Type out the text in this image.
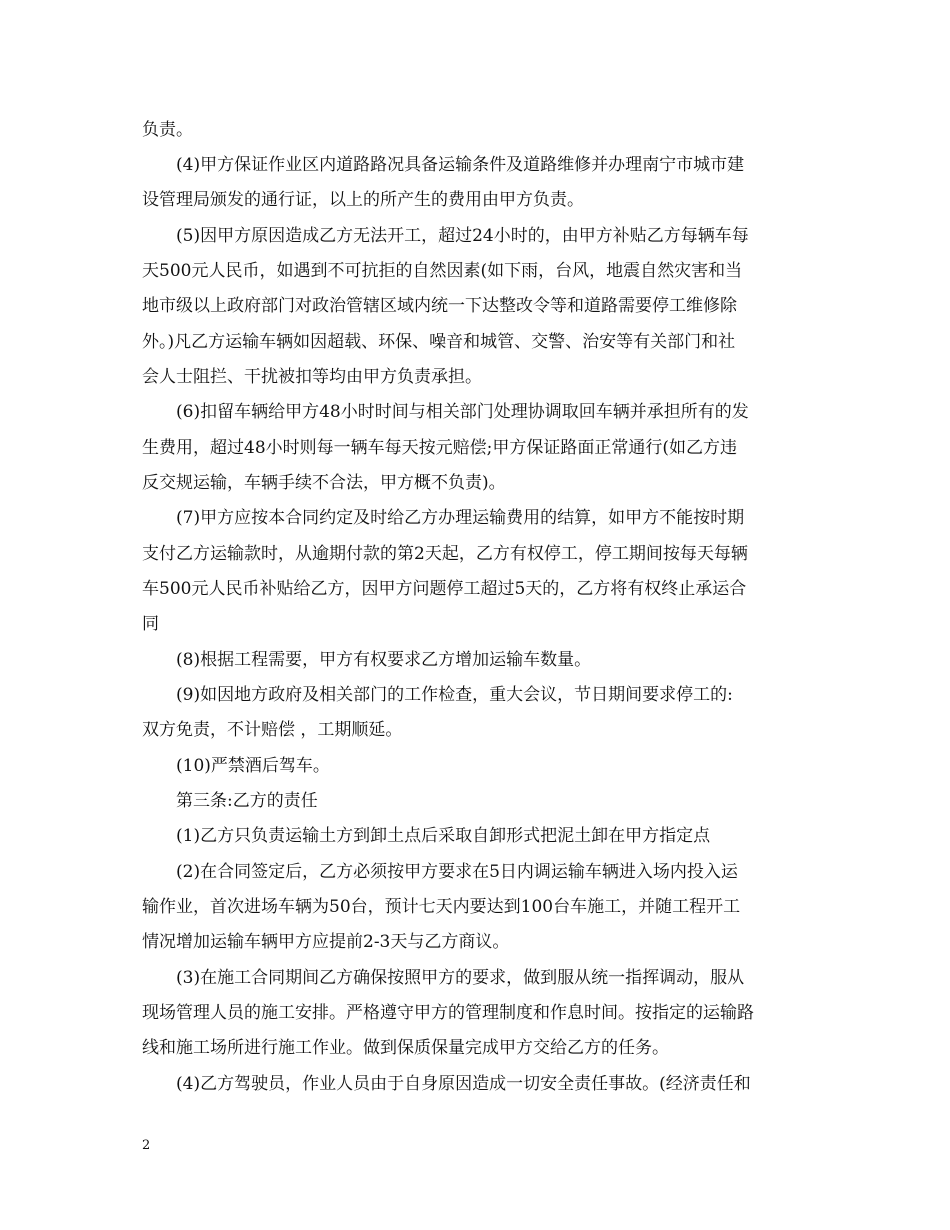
负责。
(4)甲方保证作业区内道路路况具备运输条件及道路维修并办理南宁市城市建
设管理局颁发的通行证，以上的所产生的费用由甲方负责。
(5)因甲方原因造成乙方无法开工，超过24小时的，由甲方补贴乙方每辆车每
天500元人民币，如遇到不可抗拒的自然因素(如下雨，台风，地震自然灾害和当
地市级以上政府部门对政治管辖区域内统一下达整改令等和道路需要停工维修除
外。)凡乙方运输车辆如因超载、环保、噪音和城管、交警、治安等有关部门和社
会人士阻拦、干扰被扣等均由甲方负责承担。
(6)扣留车辆给甲方48小时时间与相关部门处理协调取回车辆并承担所有的发
生费用，超过48小时则每一辆车每天按元赔偿;甲方保证路面正常通行(如乙方违
反交规运输，车辆手续不合法，甲方概不负责)。
(7)甲方应按本合同约定及时给乙方办理运输费用的结算，如甲方不能按时期
支付乙方运输款时，从逾期付款的第2天起，乙方有权停工，停工期间按每天每辆
车500元人民币补贴给乙方，因甲方问题停工超过5天的，乙方将有权终止承运合
同
(8)根据工程需要，甲方有权要求乙方增加运输车数量。
(9)如因地方政府及相关部门的工作检查，重大会议，节日期间要求停工的:
双方免责，不计赔偿 ，工期顺延。
(10)严禁酒后驾车。
第三条:乙方的责任
(1)乙方只负责运输土方到卸土点后采取自卸形式把泥土卸在甲方指定点
(2)在合同签定后，乙方必须按甲方要求在5日内调运输车辆进入场内投入运
输作业，首次进场车辆为50台，预计七天内要达到100台车施工，并随工程开工
情况增加运输车辆甲方应提前2-3天与乙方商议。
(3)在施工合同期间乙方确保按照甲方的要求，做到服从统一指挥调动，服从
现场管理人员的施工安排。严格遵守甲方的管理制度和作息时间。按指定的运输路
线和施工场所进行施工作业。做到保质保量完成甲方交给乙方的任务。
(4)乙方驾驶员，作业人员由于自身原因造成一切安全责任事故。(经济责任和
2
